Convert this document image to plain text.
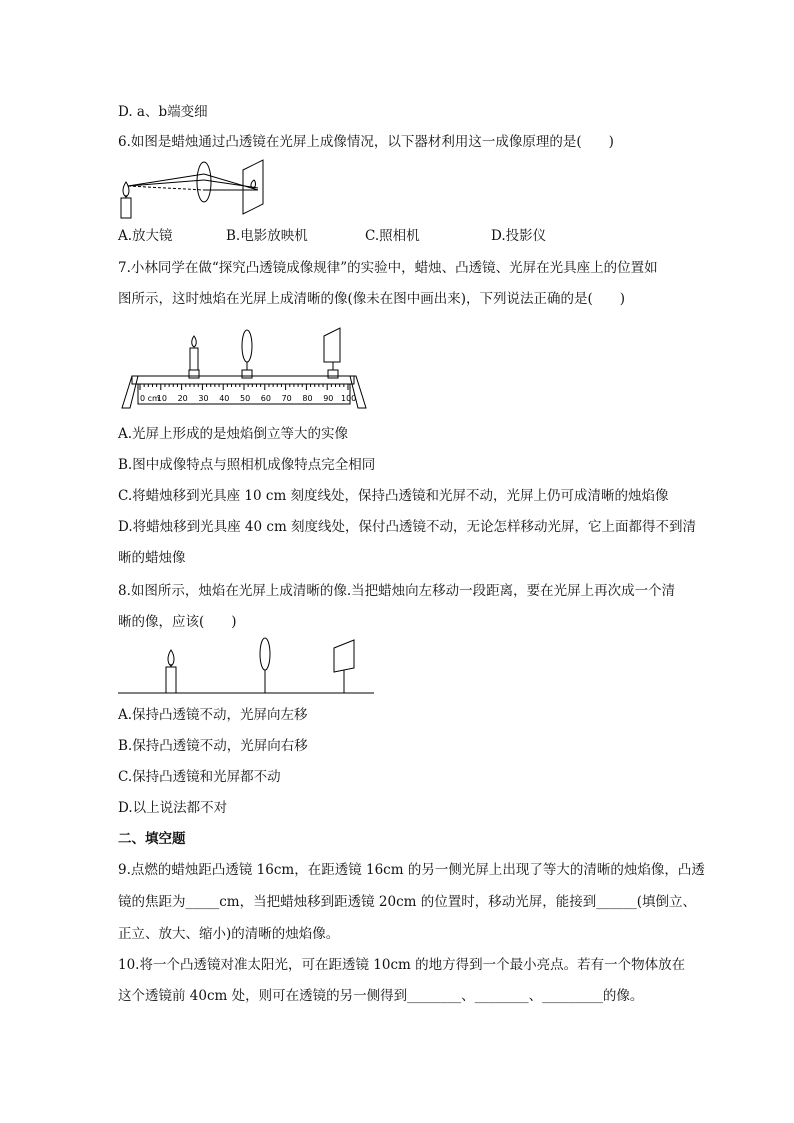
D. a、b端变细
6.如图是蜡烛通过凸透镜在光屏上成像情况，以下器材利用这一成像原理的是(　　)
A.放大镜	B.电影放映机	C.照相机	D.投影仪
7.小林同学在做“探究凸透镜成像规律”的实验中，蜡烛、凸透镜、光屏在光具座上的位置如
图所示，这时烛焰在光屏上成清晰的像(像未在图中画出来)，下列说法正确的是(　　)
0 cm
10 20 30 40 50 60 70 80 90 100
A.光屏上形成的是烛焰倒立等大的实像
B.图中成像特点与照相机成像特点完全相同
C.将蜡烛移到光具座 10 cm 刻度线处，保持凸透镜和光屏不动，光屏上仍可成清晰的烛焰像
D.将蜡烛移到光具座 40 cm 刻度线处，保付凸透镜不动，无论怎样移动光屏，它上面都得不到清
晰的蜡烛像
8.如图所示，烛焰在光屏上成清晰的像.当把蜡烛向左移动一段距离，要在光屏上再次成一个清
晰的像，应该(　　)
A.保持凸透镜不动，光屏向左移
B.保持凸透镜不动，光屏向右移
C.保持凸透镜和光屏都不动
D.以上说法都不对
二、填空题
9.点燃的蜡烛距凸透镜 16cm，在距透镜 16cm 的另一侧光屏上出现了等大的清晰的烛焰像，凸透
镜的焦距为_____cm，当把蜡烛移到距透镜 20cm 的位置时，移动光屏，能接到______(填倒立、
正立、放大、缩小)的清晰的烛焰像。
10.将一个凸透镜对准太阳光，可在距透镜 10cm 的地方得到一个最小亮点。若有一个物体放在
这个透镜前 40cm 处，则可在透镜的另一侧得到________、________、_________的像。
